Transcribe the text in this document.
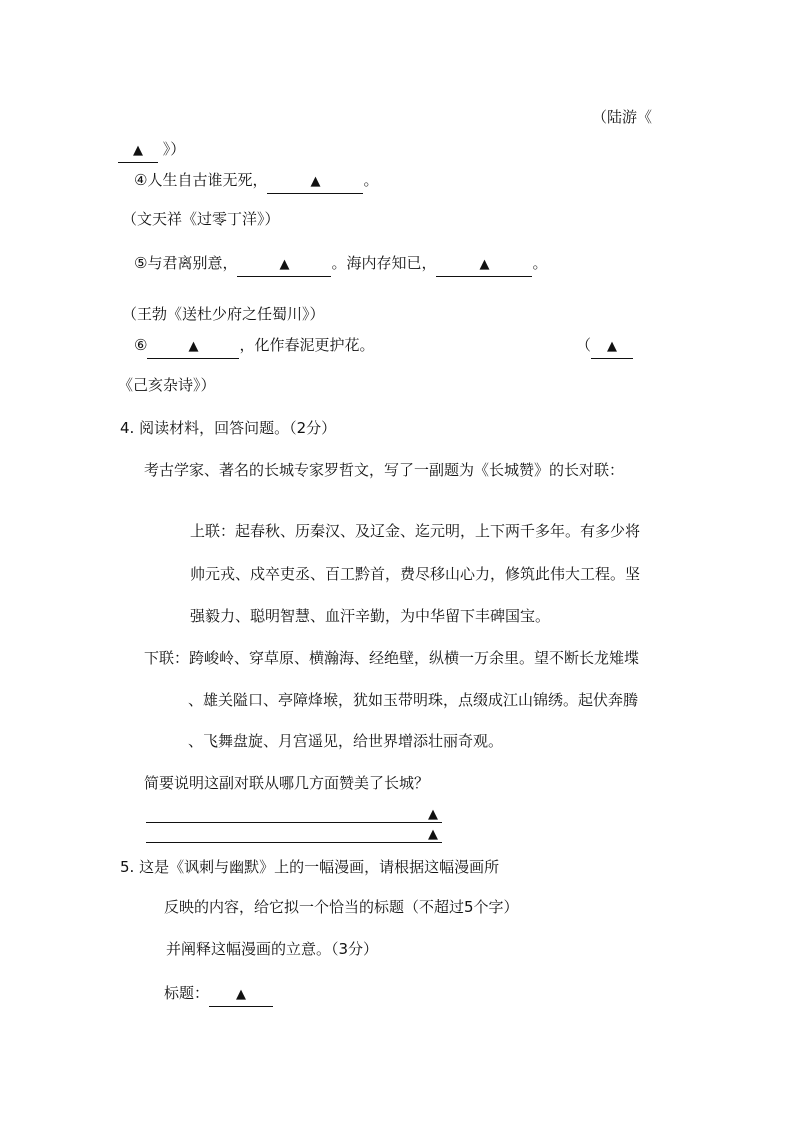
（陆游《
▲ 》）
④人生自古谁无死，	▲	。
（文天祥《过零丁洋》）
⑤与君离别意，	▲	。海内存知已，	▲	。
（王勃《送杜少府之任蜀川》）
⑥	▲	，化作春泥更护花。	（ ▲
《己亥杂诗》）
4. 阅读材料，回答问题。（2分）
考古学家、著名的长城专家罗哲文，写了一副题为《长城赞》的长对联：
上联：起春秋、历秦汉、及辽金、迄元明，上下两千多年。有多少将
帅元戎、戍卒吏丞、百工黔首，费尽移山心力，修筑此伟大工程。坚
强毅力、聪明智慧、血汗辛勤，为中华留下丰碑国宝。
下联：跨峻岭、穿草原、横瀚海、经绝壁，纵横一万余里。望不断长龙雉堞
、雄关隘口、亭障烽堠，犹如玉带明珠，点缀成江山锦绣。起伏奔腾
、飞舞盘旋、月宫遥见，给世界增添壮丽奇观。
简要说明这副对联从哪几方面赞美了长城？
▲
▲
5. 这是《讽刺与幽默》上的一幅漫画，请根据这幅漫画所
反映的内容，给它拟一个恰当的标题（不超过5个字）
并阐释这幅漫画的立意。（3分）
标题： ▲
